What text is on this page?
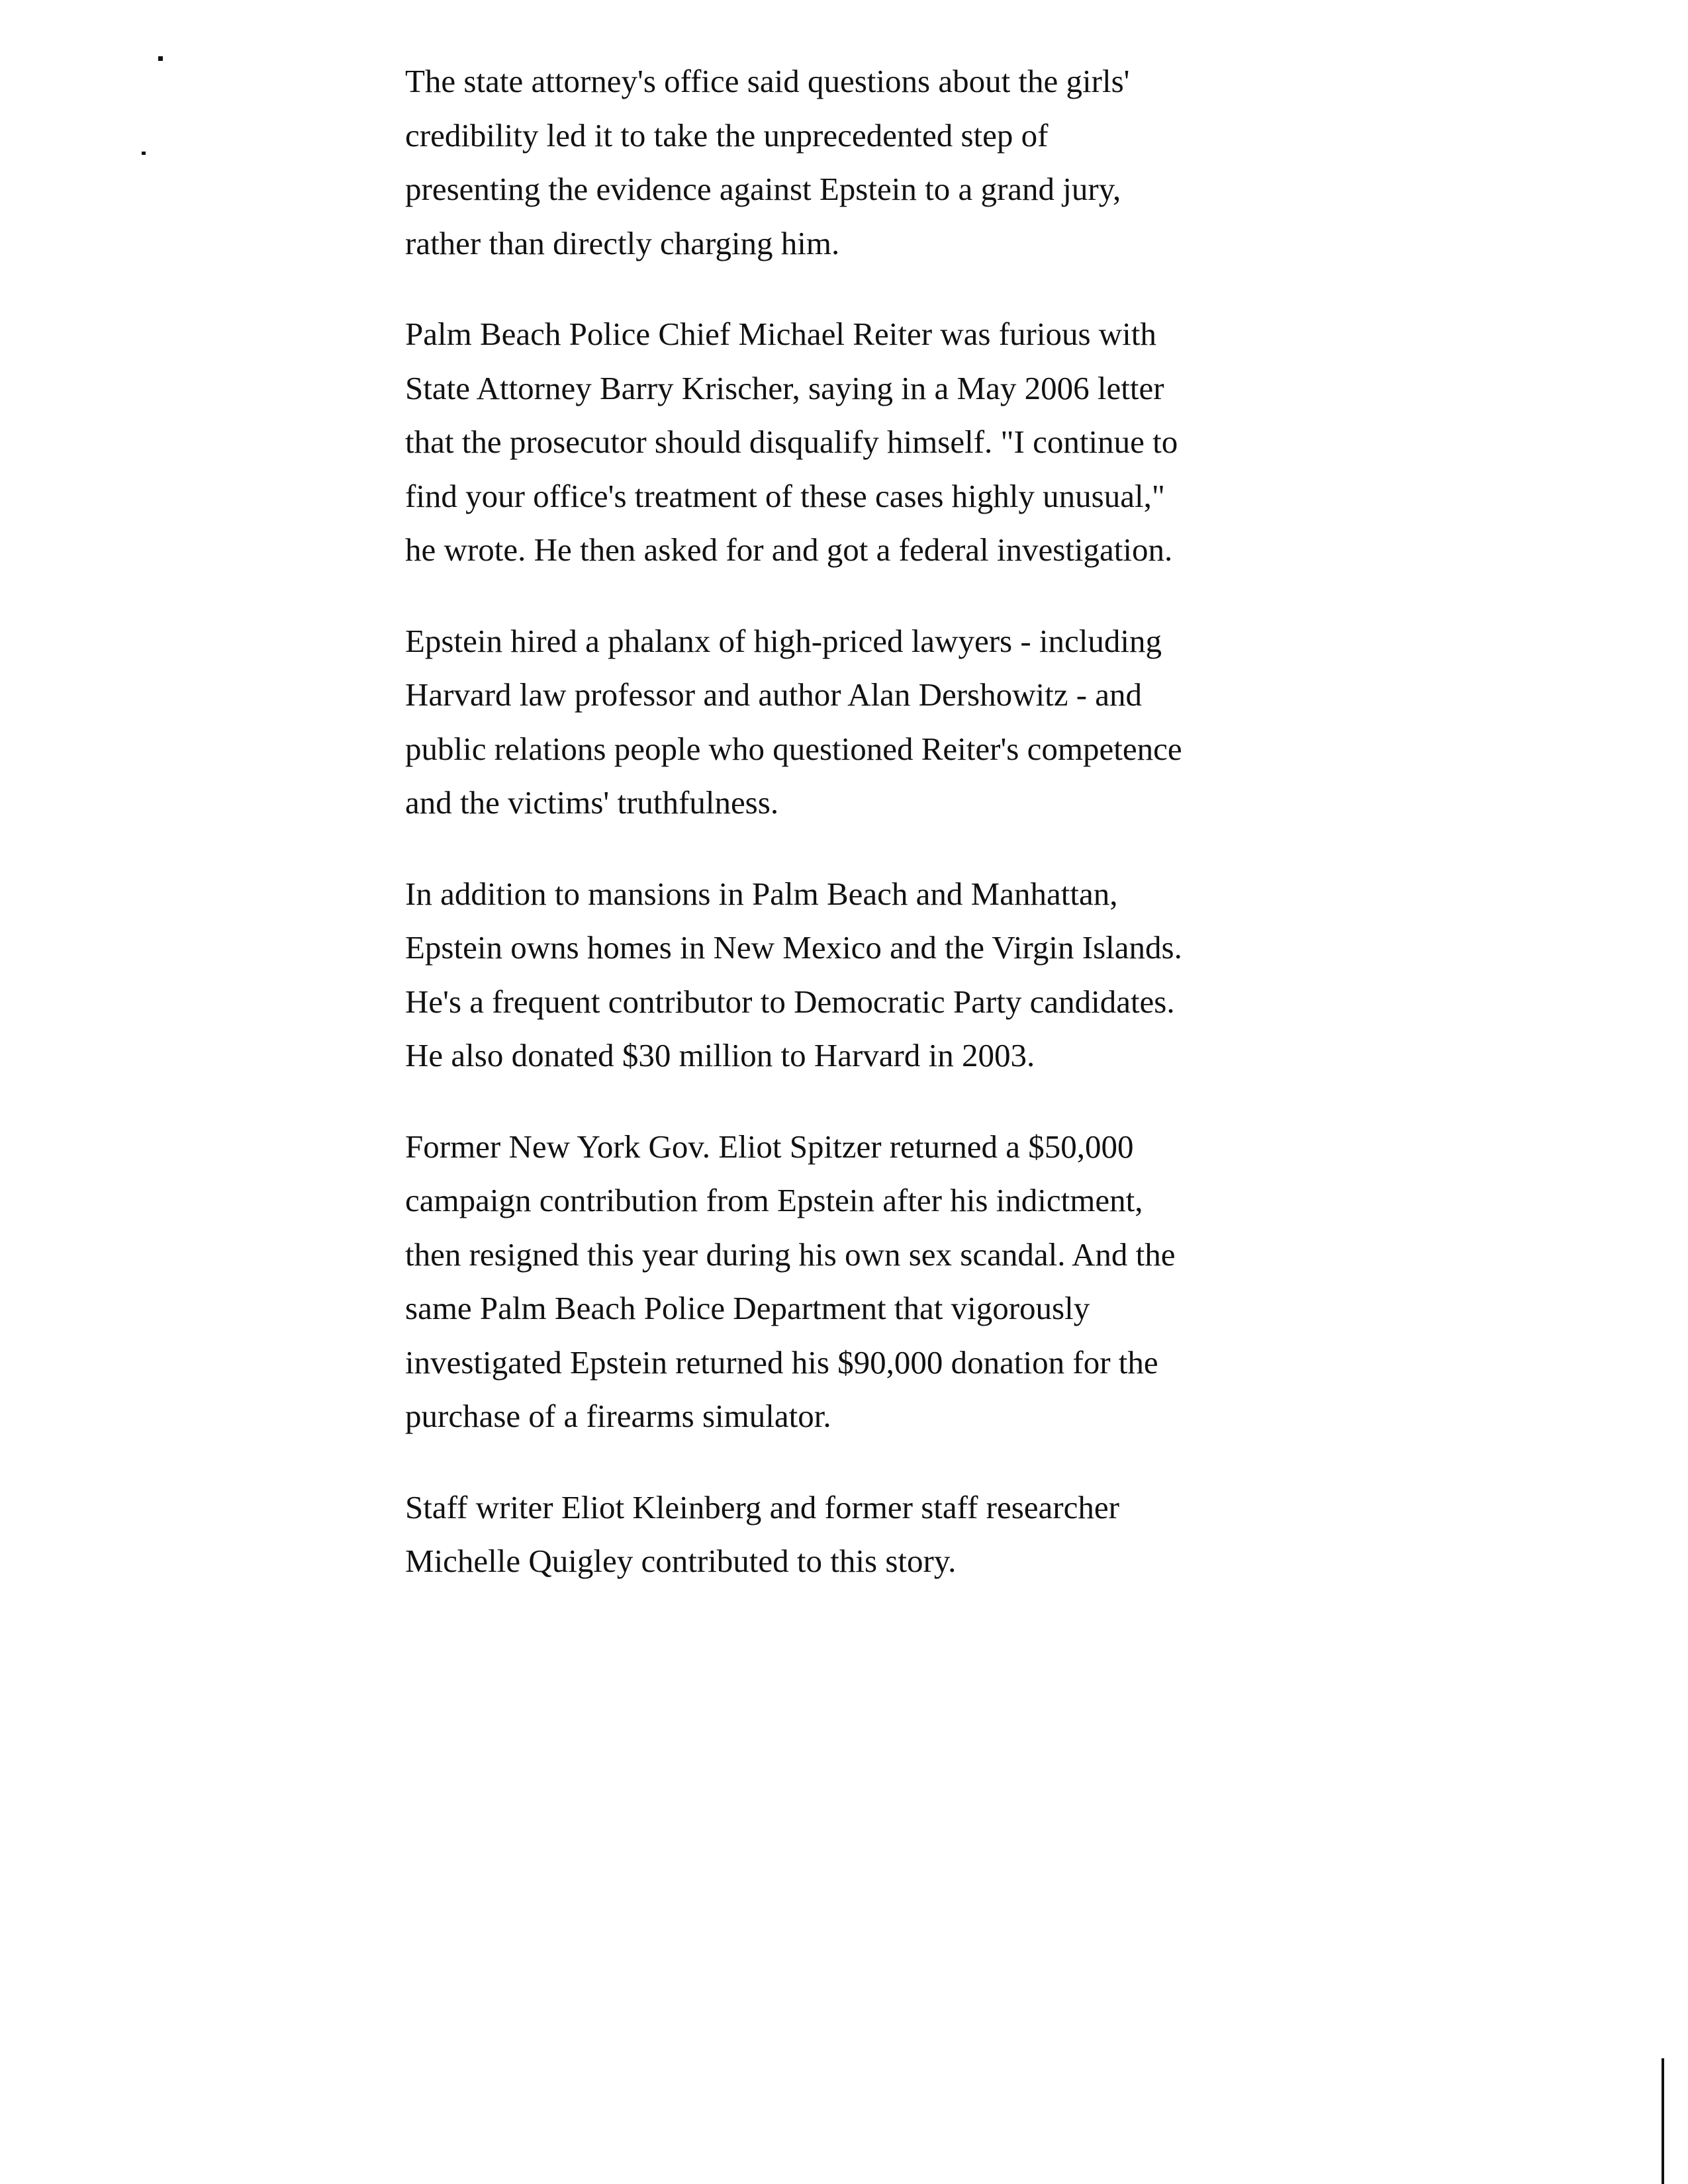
The state attorney's office said questions about the girls'
credibility led it to take the unprecedented step of
presenting the evidence against Epstein to a grand jury,
rather than directly charging him.

Palm Beach Police Chief Michael Reiter was furious with
State Attorney Barry Krischer, saying in a May 2006 letter
that the prosecutor should disqualify himself. "I continue to
find your office's treatment of these cases highly unusual,"
he wrote. He then asked for and got a federal investigation.

Epstein hired a phalanx of high-priced lawyers - including
Harvard law professor and author Alan Dershowitz - and
public relations people who questioned Reiter's competence
and the victims' truthfulness.

In addition to mansions in Palm Beach and Manhattan,
Epstein owns homes in New Mexico and the Virgin Islands.
He's a frequent contributor to Democratic Party candidates.
He also donated $30 million to Harvard in 2003.

Former New York Gov. Eliot Spitzer returned a $50,000
campaign contribution from Epstein after his indictment,
then resigned this year during his own sex scandal. And the
same Palm Beach Police Department that vigorously
investigated Epstein returned his $90,000 donation for the
purchase of a firearms simulator.

Staff writer Eliot Kleinberg and former staff researcher
Michelle Quigley contributed to this story.
